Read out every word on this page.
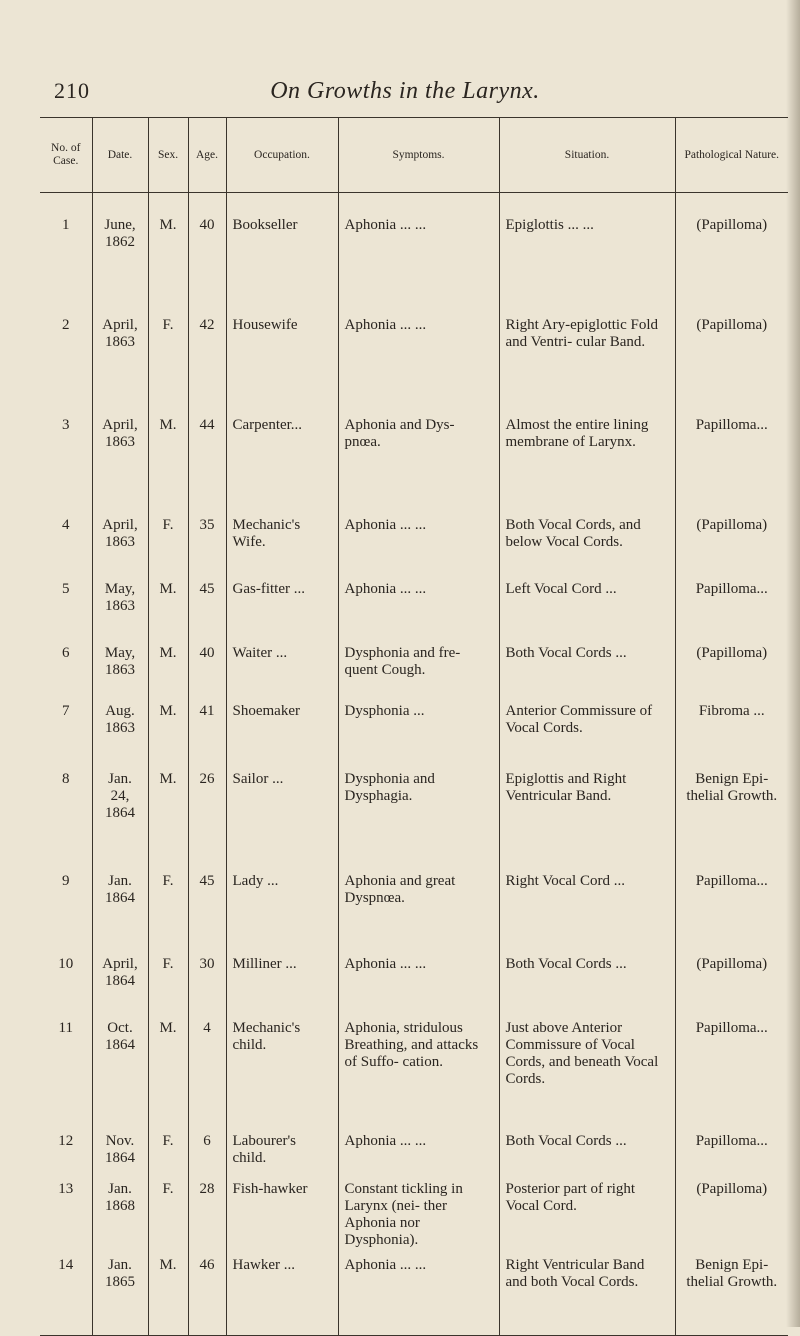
210	On Growths in the Larynx.
No. of Case.	Date.	Sex.	Age.	Occupation.	Symptoms.	Situation.	Pathological Nature.
1	June, 1862	M.	40	Bookseller	Aphonia ... ...	Epiglottis ... ...	(Papilloma)
2	April, 1863	F.	42	Housewife	Aphonia ... ...	Right Ary-epiglottic Fold and Ventri- cular Band.	(Papilloma)
3	April, 1863	M.	44	Carpenter...	Aphonia and Dys- pnœa.	Almost the entire lining membrane of Larynx.	Papilloma...
4	April, 1863	F.	35	Mechanic's Wife.	Aphonia ... ...	Both Vocal Cords, and below Vocal Cords.	(Papilloma)
5	May, 1863	M.	45	Gas-fitter ...	Aphonia ... ...	Left Vocal Cord ...	Papilloma...
6	May, 1863	M.	40	Waiter ...	Dysphonia and fre- quent Cough.	Both Vocal Cords ...	(Papilloma)
7	Aug. 1863	M.	41	Shoemaker	Dysphonia ...	Anterior Commissure of Vocal Cords.	Fibroma ...
8	Jan. 24, 1864	M.	26	Sailor ...	Dysphonia and Dysphagia.	Epiglottis and Right Ventricular Band.	Benign Epi- thelial Growth.
9	Jan. 1864	F.	45	Lady ...	Aphonia and great Dyspnœa.	Right Vocal Cord ...	Papilloma...
10	April, 1864	F.	30	Milliner ...	Aphonia ... ...	Both Vocal Cords ...	(Papilloma)
11	Oct. 1864	M.	4	Mechanic's child.	Aphonia, stridulous Breathing, and attacks of Suffo- cation.	Just above Anterior Commissure of Vocal Cords, and beneath Vocal Cords.	Papilloma...
12	Nov. 1864	F.	6	Labourer's child.	Aphonia ... ...	Both Vocal Cords ...	Papilloma...
13	Jan. 1868	F.	28	Fish-hawker	Constant tickling in Larynx (nei- ther Aphonia nor Dysphonia).	Posterior part of right Vocal Cord.	(Papilloma)
14	Jan. 1865	M.	46	Hawker ...	Aphonia ... ...	Right Ventricular Band and both Vocal Cords.	Benign Epi- thelial Growth.
